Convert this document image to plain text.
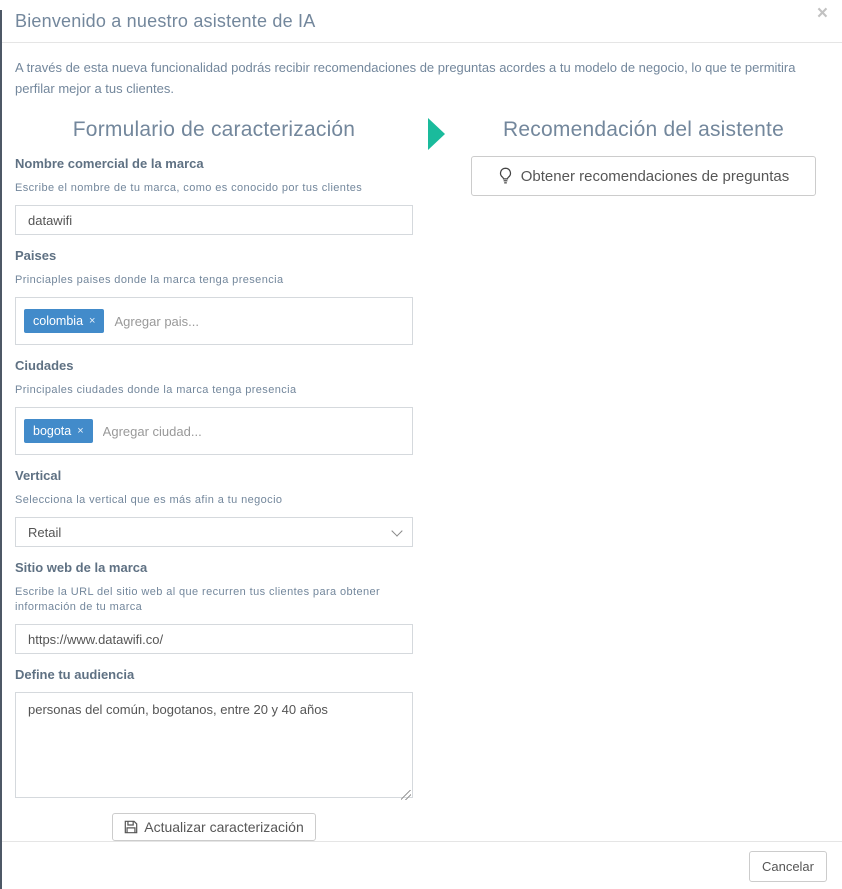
Bienvenido a nuestro asistente de IA	×

A través de esta nueva funcionalidad podrás recibir recomendaciones de preguntas acordes a tu modelo de negocio, lo que te permitira perfilar mejor a tus clientes.

Formulario de caracterización
Nombre comercial de la marca

Escribe el nombre de tu marca, como es conocido por tus clientes

datawifi
Paises

Princiaples paises donde la marca tenga presencia

colombia ×
Agregar pais...
Ciudades

Principales ciudades donde la marca tenga presencia

bogota ×
Agregar ciudad...
Vertical

Selecciona la vertical que es más afin a tu negocio

Retail
Sitio web de la marca

Escribe la URL del sitio web al que recurren tus clientes para obtener información de tu marca

https://www.datawifi.co/
Define tu audiencia
personas del común, bogotanos, entre 20 y 40 años
Actualizar caracterización
Recomendación del asistente
Obtener recomendaciones de preguntas
Cancelar
